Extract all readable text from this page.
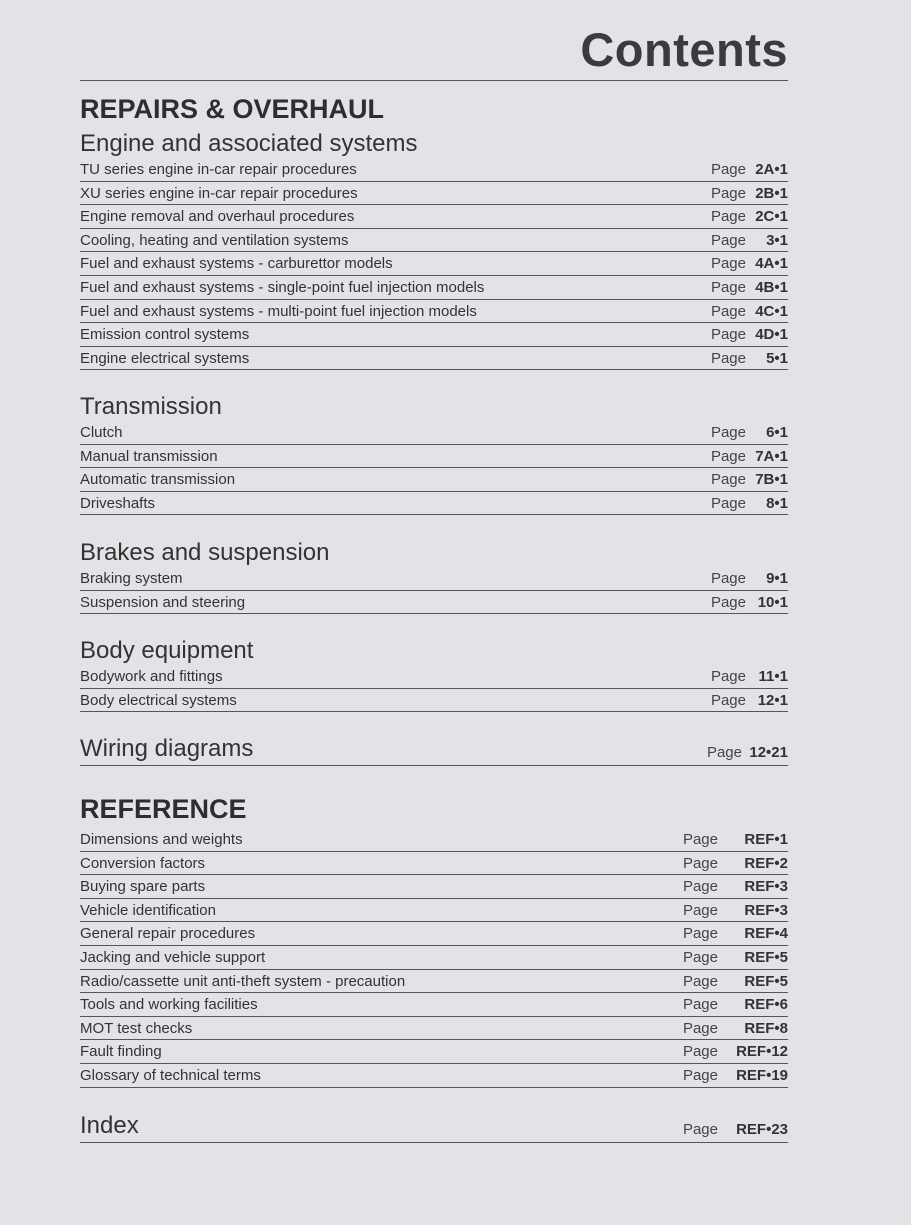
Contents
REPAIRS & OVERHAUL
Engine and associated systems
TU series engine in-car repair procedures	Page 2A•1
XU series engine in-car repair procedures	Page 2B•1
Engine removal and overhaul procedures	Page 2C•1
Cooling, heating and ventilation systems	Page 3•1
Fuel and exhaust systems - carburettor models	Page 4A•1
Fuel and exhaust systems - single-point fuel injection models	Page 4B•1
Fuel and exhaust systems - multi-point fuel injection models	Page 4C•1
Emission control systems	Page 4D•1
Engine electrical systems	Page 5•1
Transmission
Clutch	Page 6•1
Manual transmission	Page 7A•1
Automatic transmission	Page 7B•1
Driveshafts	Page 8•1
Brakes and suspension
Braking system	Page 9•1
Suspension and steering	Page 10•1
Body equipment
Bodywork and fittings	Page 11•1
Body electrical systems	Page 12•1
Wiring diagrams	Page 12•21
REFERENCE
Dimensions and weights	Page REF•1
Conversion factors	Page REF•2
Buying spare parts	Page REF•3
Vehicle identification	Page REF•3
General repair procedures	Page REF•4
Jacking and vehicle support	Page REF•5
Radio/cassette unit anti-theft system - precaution	Page REF•5
Tools and working facilities	Page REF•6
MOT test checks	Page REF•8
Fault finding	Page REF•12
Glossary of technical terms	Page REF•19
Index	Page REF•23
